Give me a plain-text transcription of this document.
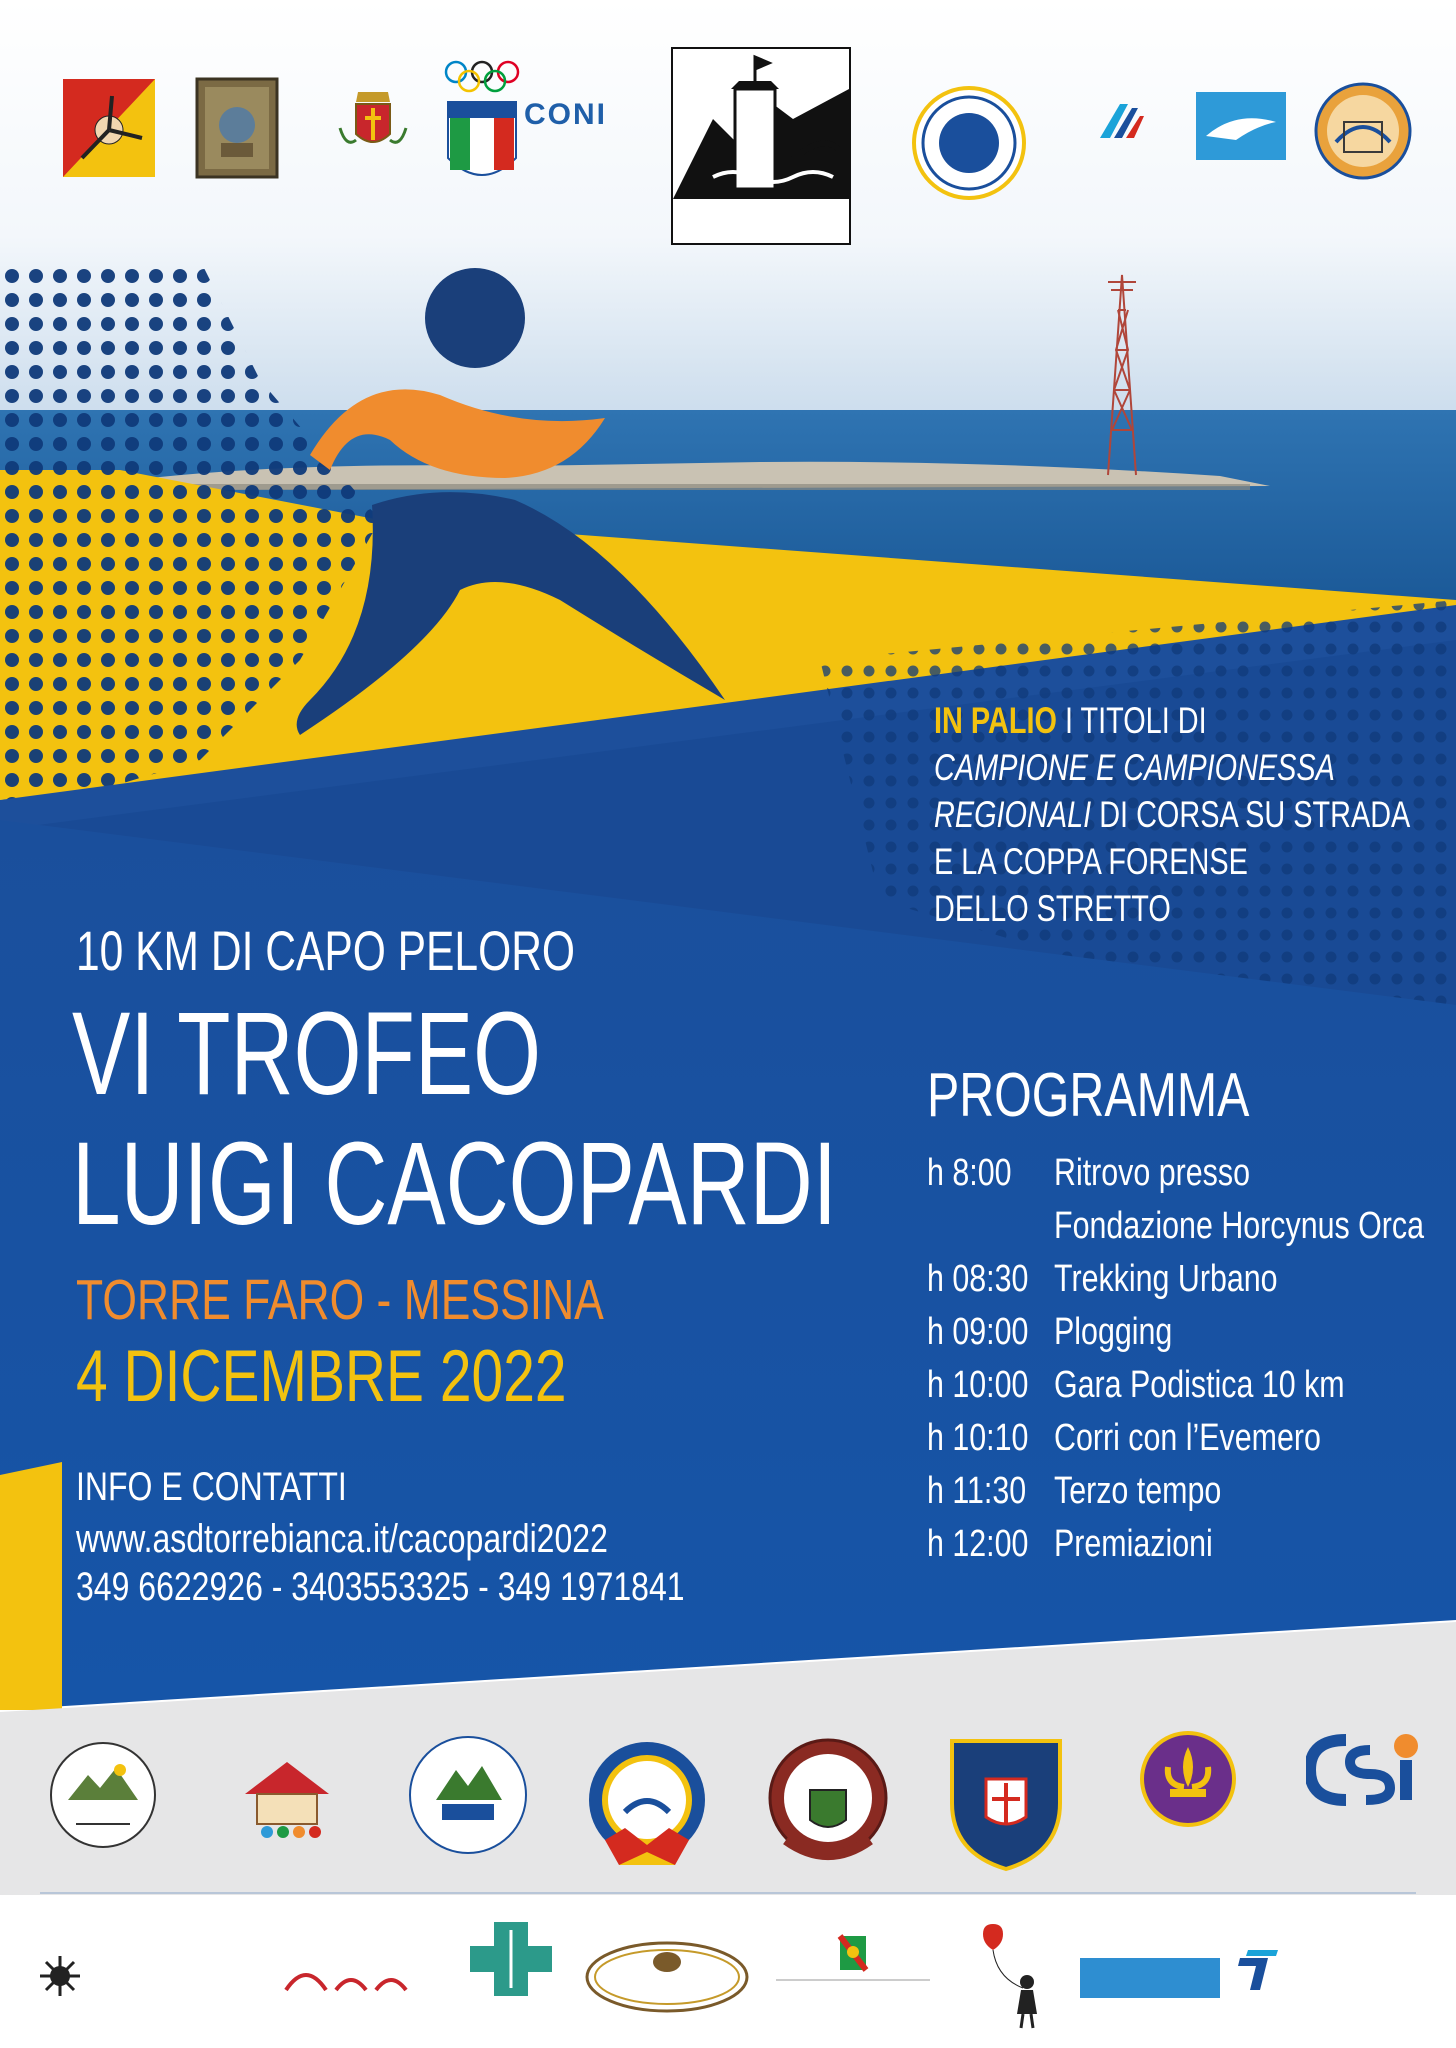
CONI
IN PALIO I TITOLI DI
CAMPIONE E CAMPIONESSA
REGIONALI DI CORSA SU STRADA
E LA COPPA FORENSE
DELLO STRETTO
10 KM DI CAPO PELORO
VI TROFEO
LUIGI CACOPARDI
TORRE FARO - MESSINA
4 DICEMBRE 2022
INFO E CONTATTI
www.asdtorrebianca.it/cacopardi2022
349 6622926 - 3403553325 - 349 1971841
PROGRAMMA
h 8:00 Ritrovo presso
Fondazione Horcynus Orca
h 08:30 Trekking Urbano
h 09:00 Plogging
h 10:00 Gara Podistica 10 km
h 10:10 Corri con l’Evemero
h 11:30 Terzo tempo
h 12:00 Premiazioni
